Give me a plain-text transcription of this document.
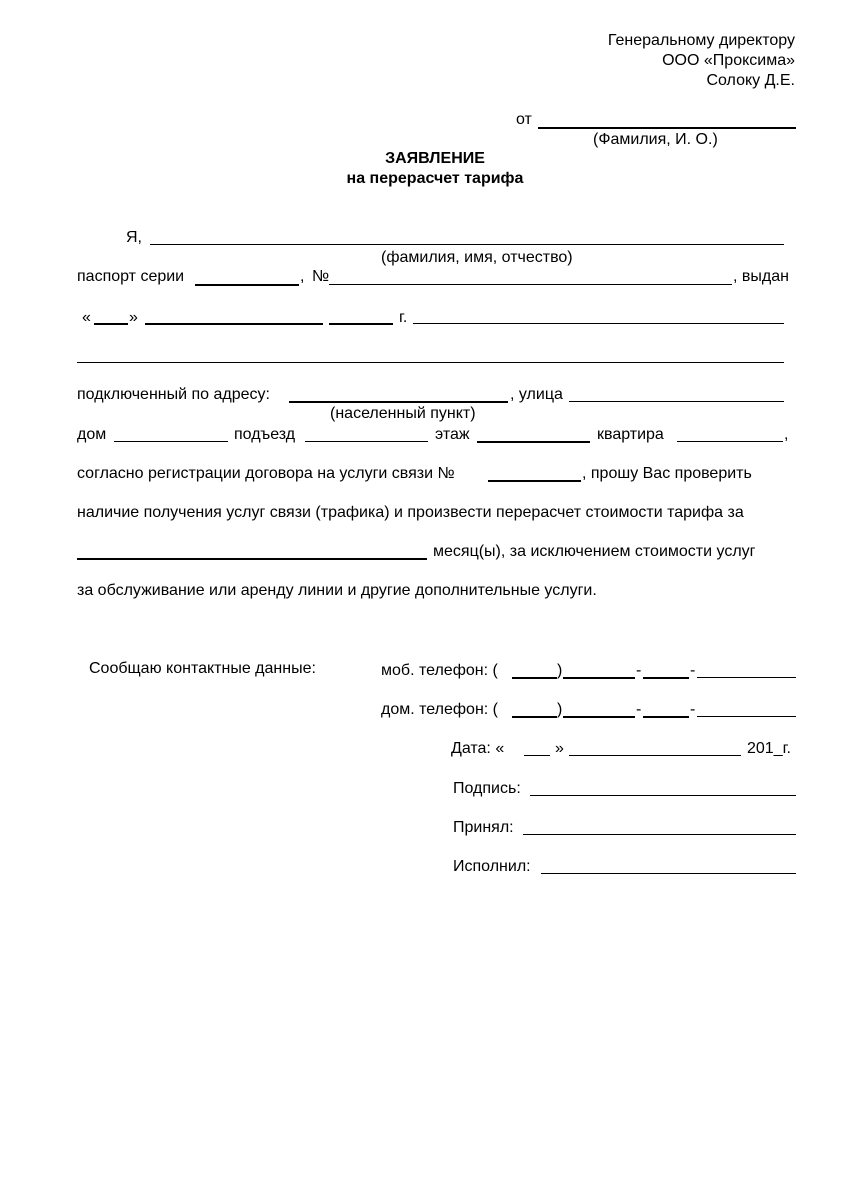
Генеральному директору
ООО «Проксима»
Солоку Д.Е.
от
(Фамилия, И. О.)
ЗАЯВЛЕНИЕ
на перерасчет тарифа
Я,
(фамилия, имя, отчество)
паспорт серии	, №	, выдан
« »	г.
подключенный по адресу:	, улица
(населенный пункт)
дом	подъезд	этаж	квартира	,
согласно регистрации договора на услуги связи №	, прошу Вас проверить
наличие получения услуг связи (трафика) и произвести перерасчет стоимости тарифа за
месяц(ы), за исключением стоимости услуг
за обслуживание или аренду линии и другие дополнительные услуги.
Сообщаю контактные данные:	моб. телефон: (	)	-	-
дом. телефон: (	)	-	-
Дата: «	»	201_г.
Подпись:
Принял:
Исполнил:
